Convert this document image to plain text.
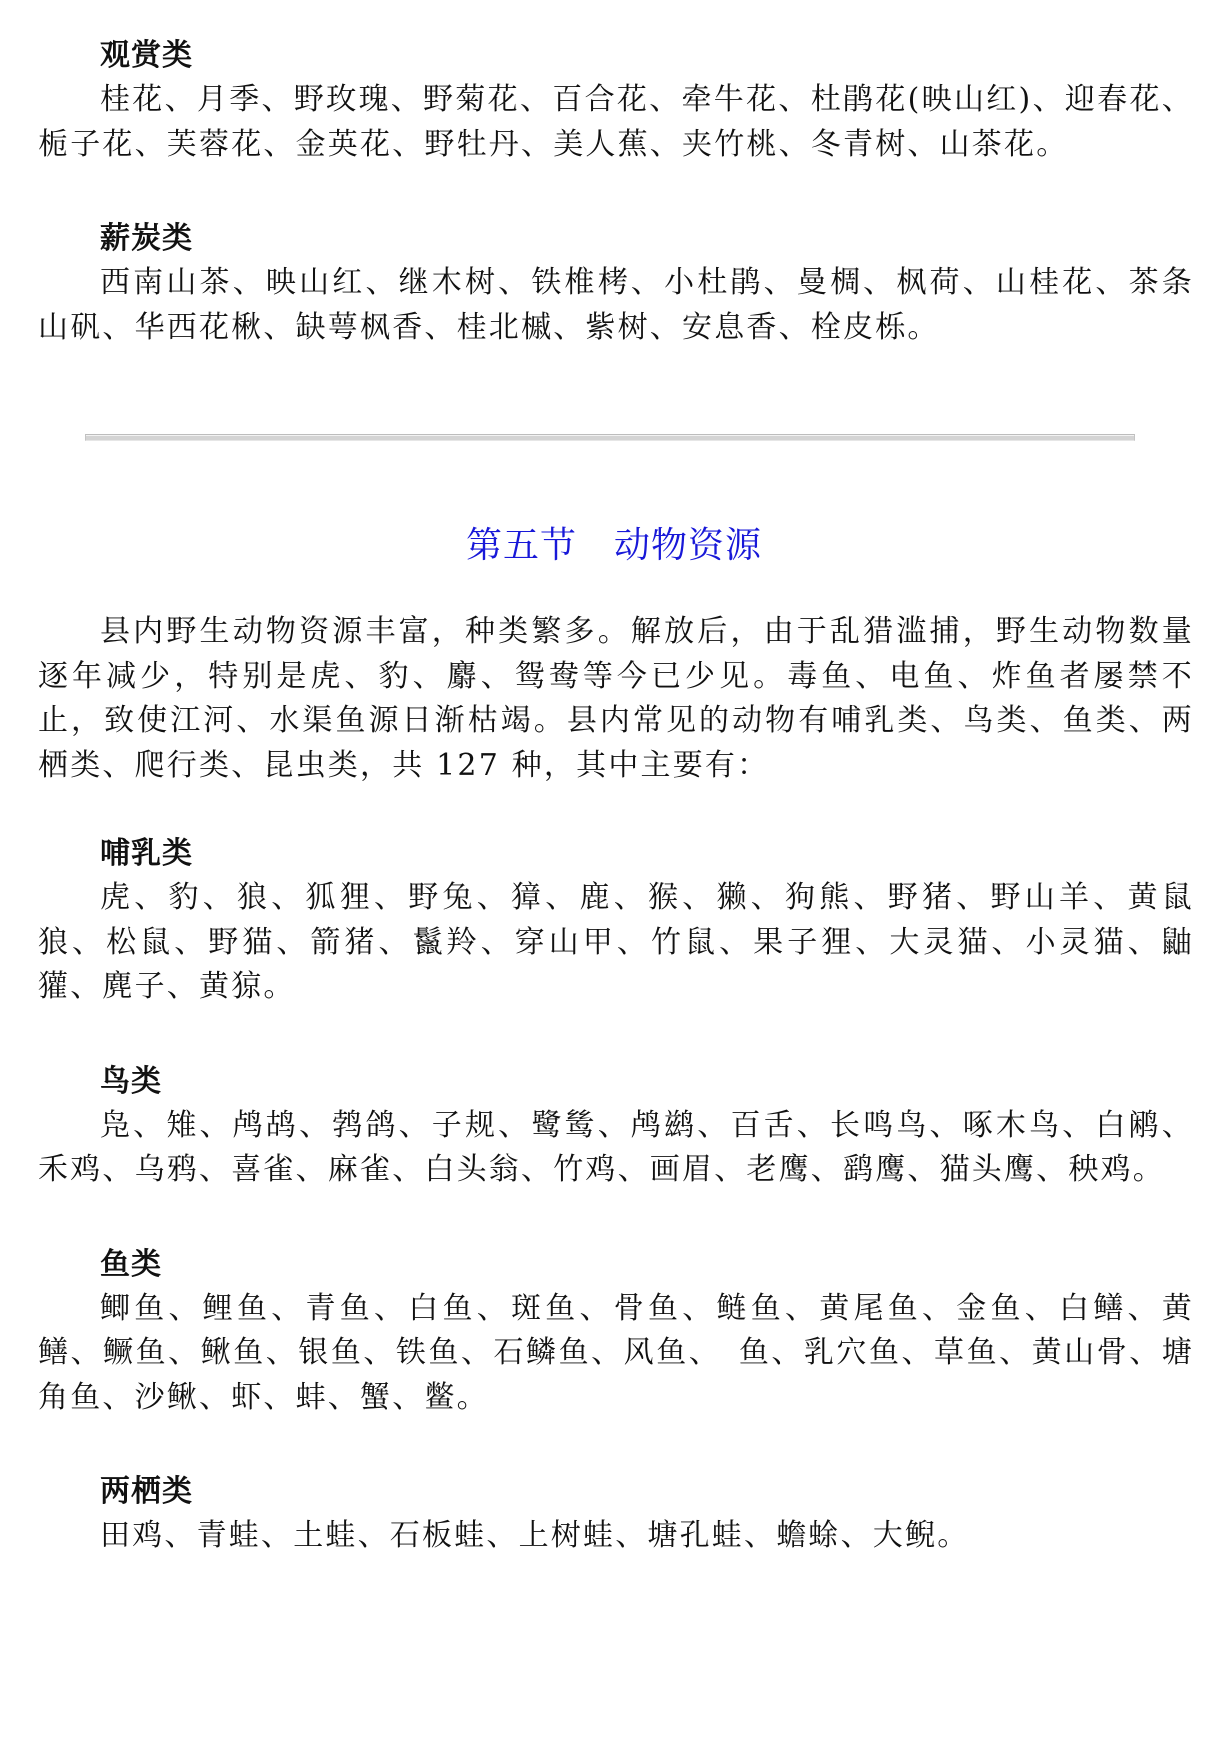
观赏类

桂花、月季、野玫瑰、野菊花、百合花、牵牛花、杜鹃花(映山红)、迎春花、栀子花、芙蓉花、金英花、野牡丹、美人蕉、夹竹桃、冬青树、山茶花。

薪炭类

西南山茶、映山红、继木树、铁椎栲、小杜鹃、曼椆、枫荷、山桂花、茶条山矾、华西花楸、缺萼枫香、桂北槭、紫树、安息香、栓皮栎。

第五节　动物资源

县内野生动物资源丰富，种类繁多。解放后，由于乱猎滥捕，野生动物数量逐年减少，特别是虎、豹、麝、鸳鸯等今已少见。毒鱼、电鱼、炸鱼者屡禁不止，致使江河、水渠鱼源日渐枯竭。县内常见的动物有哺乳类、鸟类、鱼类、两栖类、爬行类、昆虫类，共 127 种，其中主要有：

哺乳类

虎、豹、狼、狐狸、野兔、獐、鹿、猴、獭、狗熊、野猪、野山羊、黄鼠狼、松鼠、野猫、箭猪、鬣羚、穿山甲、竹鼠、果子狸、大灵猫、小灵猫、鼬獾、麂子、黄猄。

鸟类

凫、雉、鸬鸪、鹁鸽、子规、鹭鸶、鸬鹚、百舌、长鸣鸟、啄木鸟、白鹇、禾鸡、乌鸦、喜雀、麻雀、白头翁、竹鸡、画眉、老鹰、鹞鹰、猫头鹰、秧鸡。

鱼类

鲫鱼、鲤鱼、青鱼、白鱼、斑鱼、骨鱼、鲢鱼、黄尾鱼、金鱼、白鳝、黄鳝、鳜鱼、鳅鱼、银鱼、铁鱼、石鳞鱼、风鱼、　鱼、乳穴鱼、草鱼、黄山骨、塘角鱼、沙鳅、虾、蚌、蟹、鳖。

两栖类

田鸡、青蛙、土蛙、石板蛙、上树蛙、塘孔蛙、蟾蜍、大鲵。
